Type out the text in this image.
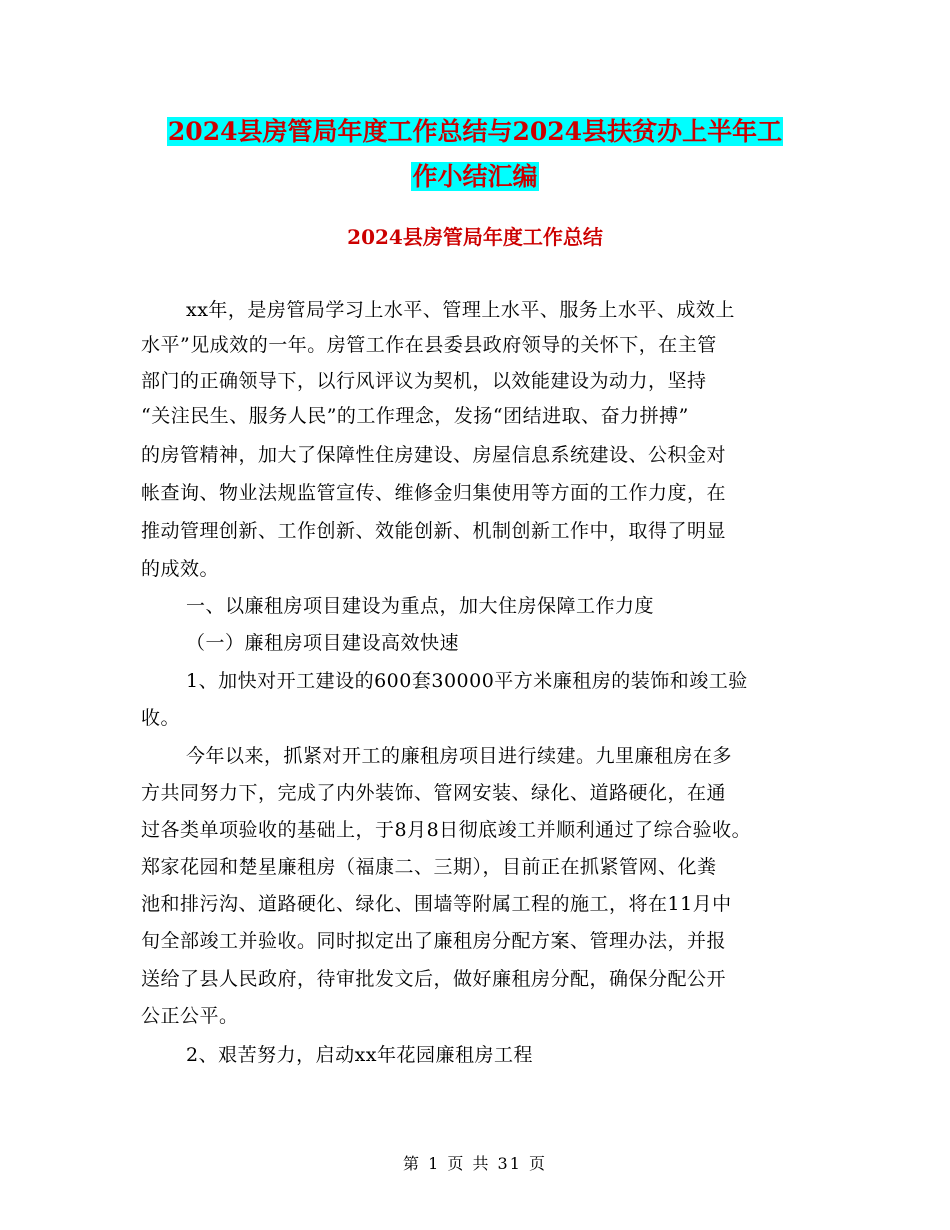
2024县房管局年度工作总结与2024县扶贫办上半年工
作小结汇编
2024县房管局年度工作总结
xx年，是房管局学习上水平、管理上水平、服务上水平、成效上
水平”见成效的一年。房管工作在县委县政府领导的关怀下，在主管
部门的正确领导下，以行风评议为契机，以效能建设为动力，坚持
“关注民生、服务人民”的工作理念，发扬“团结进取、奋力拼搏”
的房管精神，加大了保障性住房建设、房屋信息系统建设、公积金对
帐查询、物业法规监管宣传、维修金归集使用等方面的工作力度，在
推动管理创新、工作创新、效能创新、机制创新工作中，取得了明显
的成效。
一、以廉租房项目建设为重点，加大住房保障工作力度
（一）廉租房项目建设高效快速
1、加快对开工建设的600套30000平方米廉租房的装饰和竣工验
收。
今年以来，抓紧对开工的廉租房项目进行续建。九里廉租房在多
方共同努力下，完成了内外装饰、管网安装、绿化、道路硬化，在通
过各类单项验收的基础上，于8月8日彻底竣工并顺利通过了综合验收。
郑家花园和楚星廉租房（福康二、三期），目前正在抓紧管网、化粪
池和排污沟、道路硬化、绿化、围墙等附属工程的施工，将在11月中
旬全部竣工并验收。同时拟定出了廉租房分配方案、管理办法，并报
送给了县人民政府，待审批发文后，做好廉租房分配，确保分配公开
公正公平。
2、艰苦努力，启动xx年花园廉租房工程
第 1 页 共 31 页
